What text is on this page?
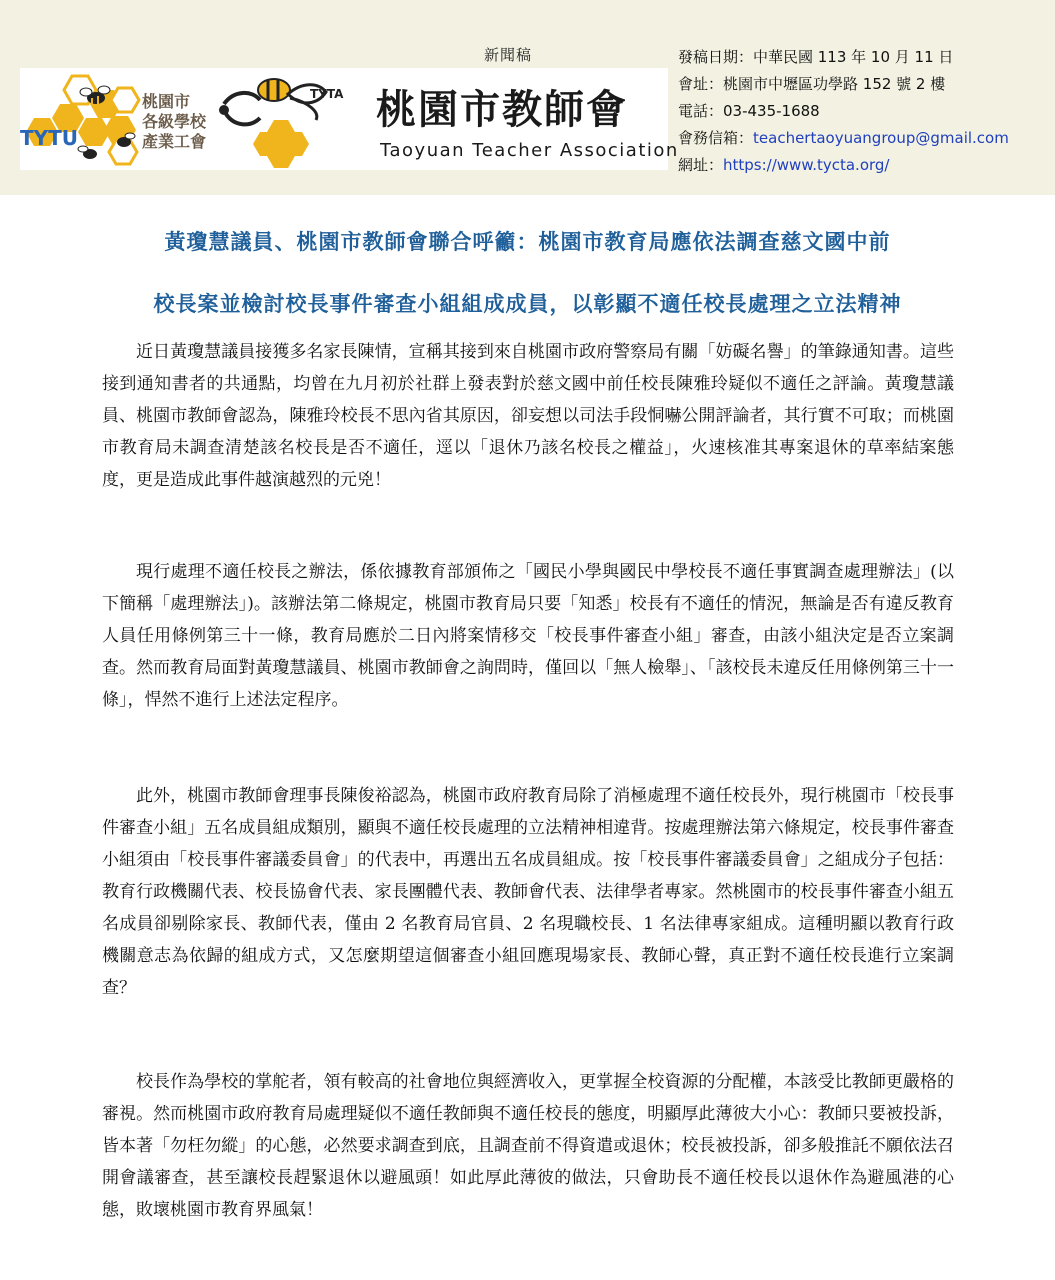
新聞稿
TYTU
TYTA
桃園市
各級學校
產業工會
桃園市教師會
Taoyuan Teacher Association
發稿日期：中華民國 113 年 10 月 11 日
會址：桃園市中壢區功學路 152 號 2 樓
電話：03-435-1688
會務信箱：teachertaoyuangroup@gmail.com
網址：https://www.tycta.org/
黃瓊慧議員、桃園市教師會聯合呼籲：桃園市教育局應依法調查慈文國中前
校長案並檢討校長事件審查小組組成成員，以彰顯不適任校長處理之立法精神

近日黃瓊慧議員接獲多名家長陳情，宣稱其接到來自桃園市政府警察局有關「妨礙名譽」的筆錄通知書。這些接到通知書者的共通點，均曾在九月初於社群上發表對於慈文國中前任校長陳雅玲疑似不適任之評論。黃瓊慧議員、桃園市教師會認為，陳雅玲校長不思內省其原因，卻妄想以司法手段恫嚇公開評論者，其行實不可取；而桃園市教育局未調查清楚該名校長是否不適任，逕以「退休乃該名校長之權益」，火速核准其專案退休的草率結案態度，更是造成此事件越演越烈的元兇！

現行處理不適任校長之辦法，係依據教育部頒佈之「國民小學與國民中學校長不適任事實調查處理辦法」(以下簡稱「處理辦法」)。該辦法第二條規定，桃園市教育局只要「知悉」校長有不適任的情況，無論是否有違反教育人員任用條例第三十一條，教育局應於二日內將案情移交「校長事件審查小組」審查，由該小組決定是否立案調查。然而教育局面對黃瓊慧議員、桃園市教師會之詢問時，僅回以「無人檢舉」、「該校長未違反任用條例第三十一條」，悍然不進行上述法定程序。

此外，桃園市教師會理事長陳俊裕認為，桃園市政府教育局除了消極處理不適任校長外，現行桃園市「校長事件審查小組」五名成員組成類別，顯與不適任校長處理的立法精神相違背。按處理辦法第六條規定，校長事件審查小組須由「校長事件審議委員會」的代表中，再選出五名成員組成。按「校長事件審議委員會」之組成分子包括：教育行政機關代表、校長協會代表、家長團體代表、教師會代表、法律學者專家。然桃園市的校長事件審查小組五名成員卻剔除家長、教師代表，僅由 2 名教育局官員、2 名現職校長、1 名法律專家組成。這種明顯以教育行政機關意志為依歸的組成方式，又怎麼期望這個審查小組回應現場家長、教師心聲，真正對不適任校長進行立案調查？

校長作為學校的掌舵者，領有較高的社會地位與經濟收入，更掌握全校資源的分配權，本該受比教師更嚴格的審視。然而桃園市政府教育局處理疑似不適任教師與不適任校長的態度，明顯厚此薄彼大小心：教師只要被投訴，皆本著「勿枉勿縱」的心態，必然要求調查到底，且調查前不得資遣或退休；校長被投訴，卻多般推託不願依法召開會議審查，甚至讓校長趕緊退休以避風頭！如此厚此薄彼的做法，只會助長不適任校長以退休作為避風港的心態，敗壞桃園市教育界風氣！
